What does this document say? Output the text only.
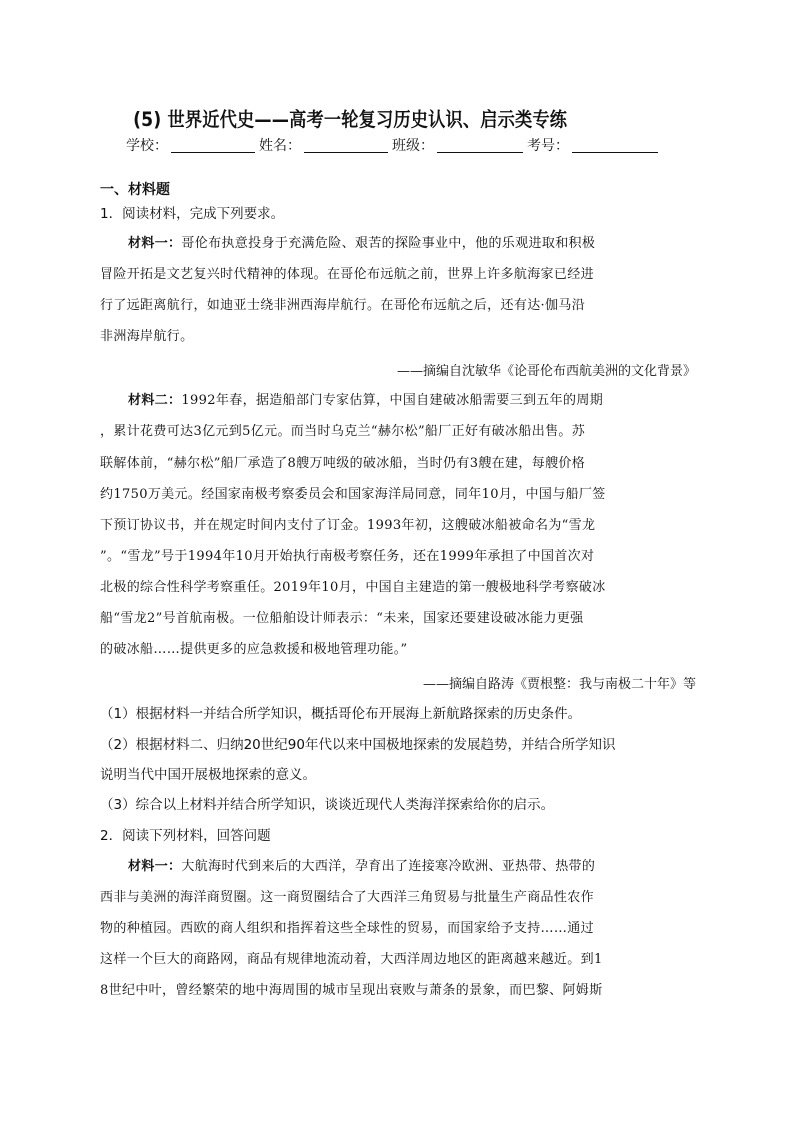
(5) 世界近代史——高考一轮复习历史认识、启示类专练
学校：	姓名：	班级：	考号：
一、材料题
1．阅读材料，完成下列要求。
材料一：哥伦布执意投身于充满危险、艰苦的探险事业中，他的乐观进取和积极
冒险开拓是文艺复兴时代精神的体现。在哥伦布远航之前，世界上许多航海家已经进
行了远距离航行，如迪亚士绕非洲西海岸航行。在哥伦布远航之后，还有达·伽马沿
非洲海岸航行。
——摘编自沈敏华《论哥伦布西航美洲的文化背景》
材料二：1992年春，据造船部门专家估算，中国自建破冰船需要三到五年的周期
，累计花费可达3亿元到5亿元。而当时乌克兰“赫尔松”船厂正好有破冰船出售。苏
联解体前，“赫尔松”船厂承造了8艘万吨级的破冰船，当时仍有3艘在建，每艘价格
约1750万美元。经国家南极考察委员会和国家海洋局同意，同年10月，中国与船厂签
下预订协议书，并在规定时间内支付了订金。1993年初，这艘破冰船被命名为“雪龙
”。“雪龙”号于1994年10月开始执行南极考察任务，还在1999年承担了中国首次对
北极的综合性科学考察重任。2019年10月，中国自主建造的第一艘极地科学考察破冰
船“雪龙2”号首航南极。一位船舶设计师表示：“未来，国家还要建设破冰能力更强
的破冰船……提供更多的应急救援和极地管理功能。”
——摘编自路涛《贾根整：我与南极二十年》等
（1）根据材料一并结合所学知识，概括哥伦布开展海上新航路探索的历史条件。
（2）根据材料二、归纳20世纪90年代以来中国极地探索的发展趋势，并结合所学知识
说明当代中国开展极地探索的意义。
（3）综合以上材料并结合所学知识，谈谈近现代人类海洋探索给你的启示。
2．阅读下列材料，回答问题
材料一：大航海时代到来后的大西洋，孕育出了连接寒冷欧洲、亚热带、热带的
西非与美洲的海洋商贸圈。这一商贸圈结合了大西洋三角贸易与批量生产商品性农作
物的种植园。西欧的商人组织和指挥着这些全球性的贸易，而国家给予支持……通过
这样一个巨大的商路网，商品有规律地流动着，大西洋周边地区的距离越来越近。到1
8世纪中叶，曾经繁荣的地中海周围的城市呈现出衰败与萧条的景象，而巴黎、阿姆斯
